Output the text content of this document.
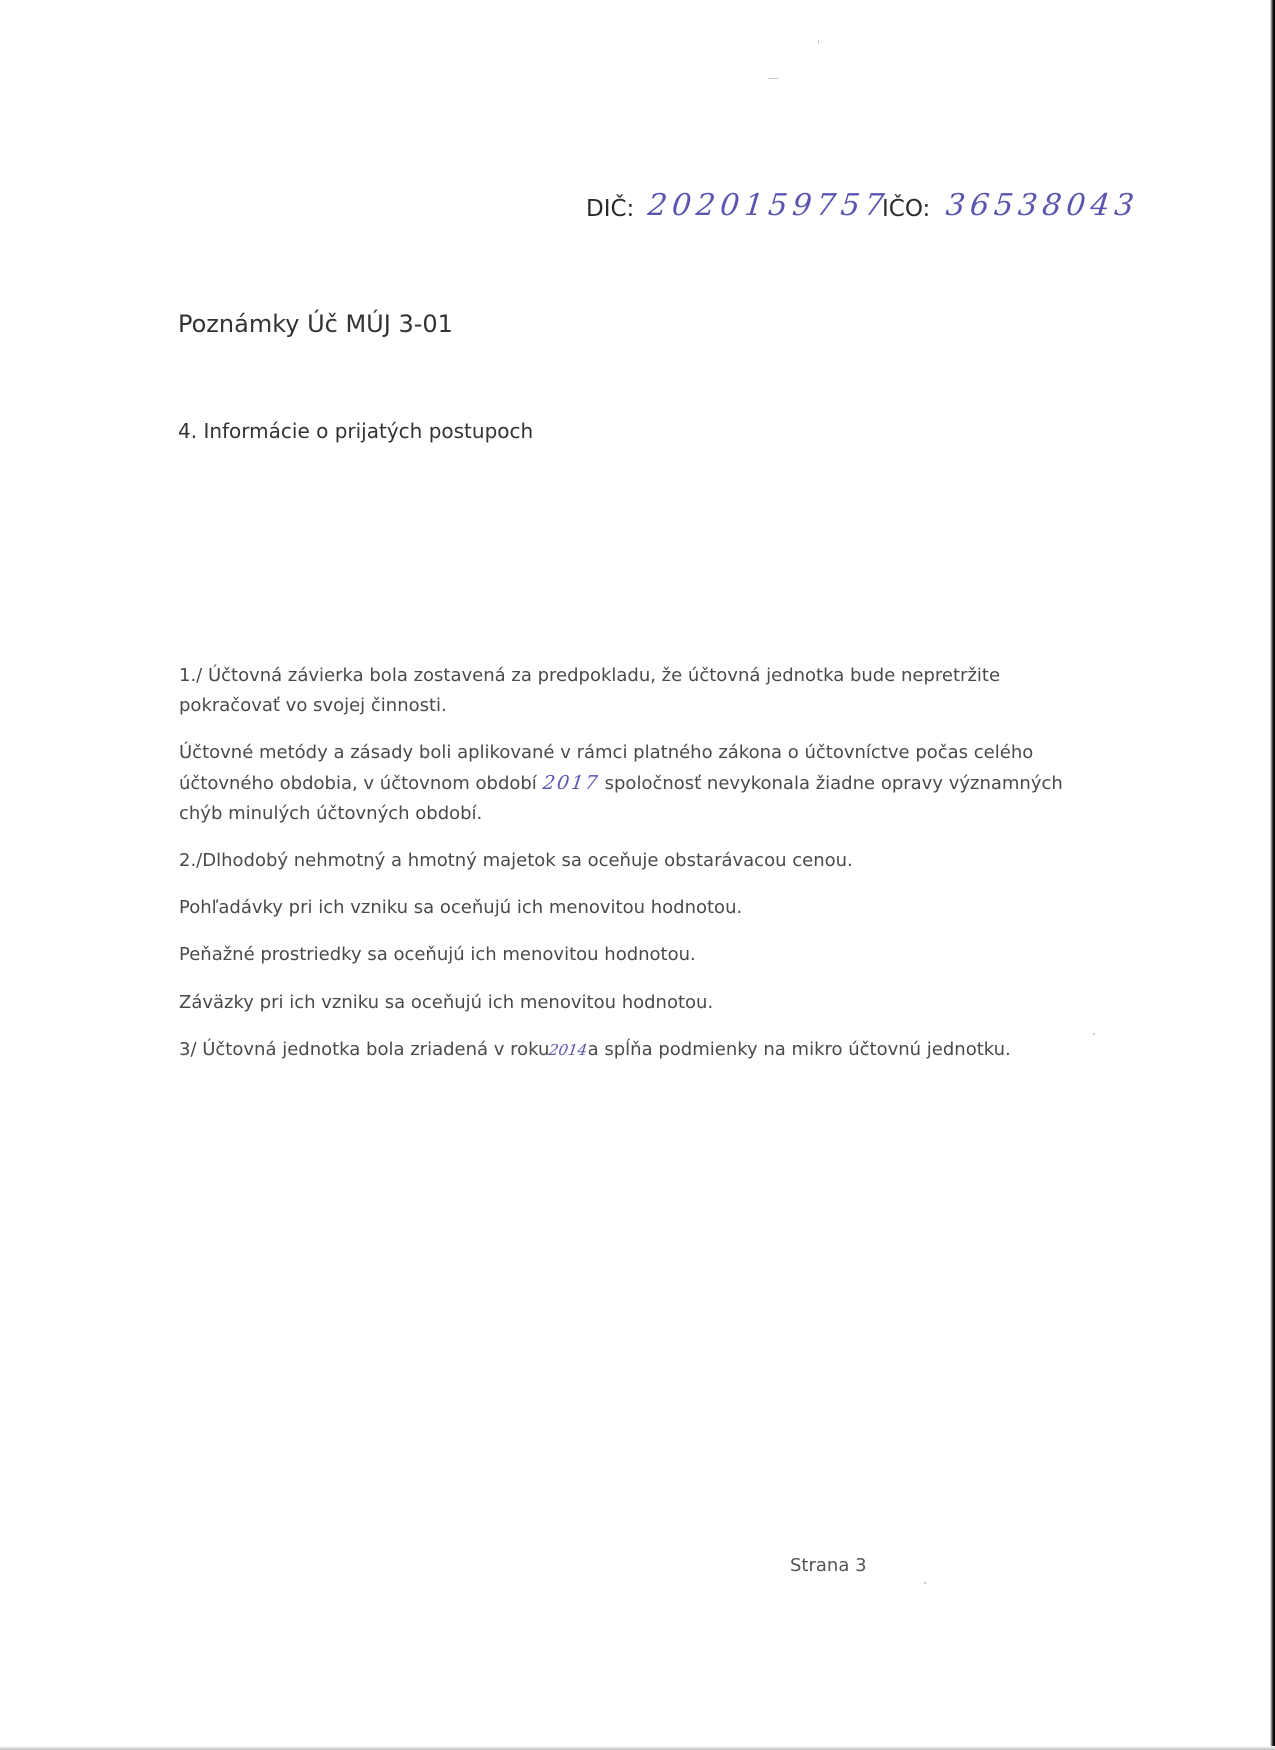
DIČ: 2020159757
IČO: 36538043
Poznámky Úč MÚJ 3-01
4. Informácie o prijatých postupoch

1./ Účtovná závierka bola zostavená za predpokladu, že účtovná jednotka bude nepretržite pokračovať vo svojej činnosti.

Účtovné metódy a zásady boli aplikované v rámci platného zákona o účtovníctve počas celého účtovného obdobia, v účtovnom období 2017 spoločnosť nevykonala žiadne opravy významných chýb minulých účtovných období.

2./Dlhodobý nehmotný a hmotný majetok sa oceňuje obstarávacou cenou.

Pohľadávky pri ich vzniku sa oceňujú ich menovitou hodnotou.

Peňažné prostriedky sa oceňujú ich menovitou hodnotou.

Záväzky pri ich vzniku sa oceňujú ich menovitou hodnotou.

3/ Účtovná jednotka bola zriadená v roku2014a spĺňa podmienky na mikro účtovnú jednotku.

Strana 3
